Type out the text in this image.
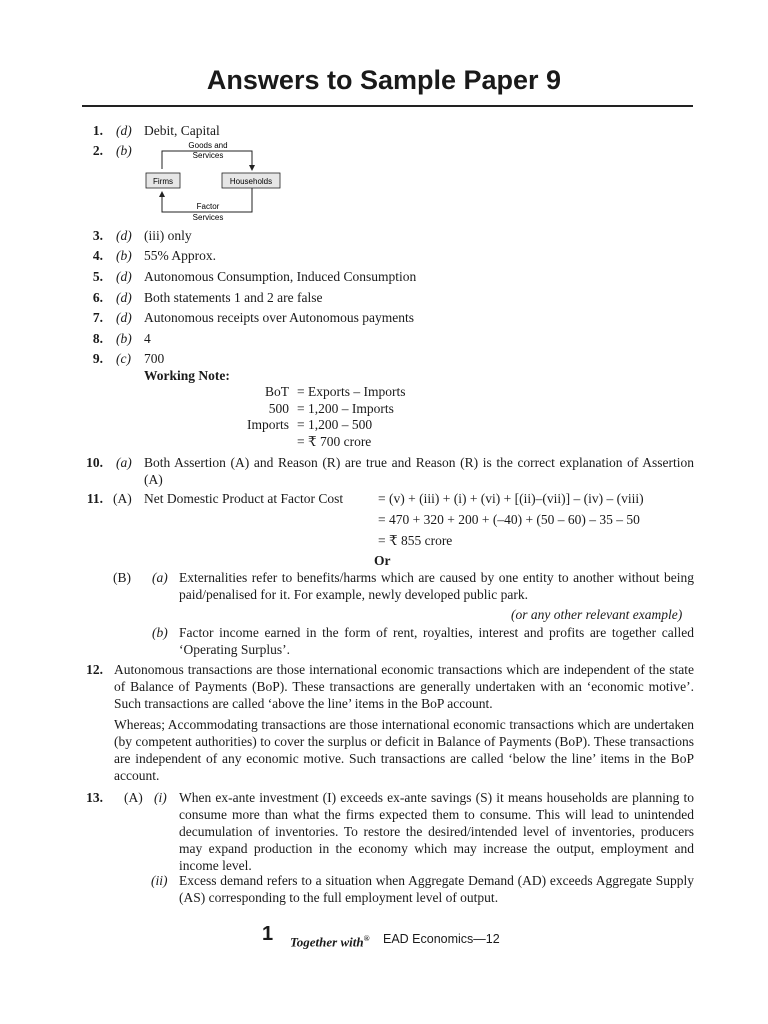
Answers to Sample Paper 9
1. (d) Debit, Capital
2. (b)	Goods and
Services
Firms	Households
Factor
Services
3. (d) (iii) only
4. (b) 55% Approx.
5. (d) Autonomous Consumption, Induced Consumption
6. (d) Both statements 1 and 2 are false
7. (d) Autonomous receipts over Autonomous payments
8. (b) 4
9. (c) 700
Working Note:
BoT = Exports – Imports
500 = 1,200 – Imports
Imports = 1,200 – 500
= ₹ 700 crore
10. (a) Both Assertion (A) and Reason (R) are true and Reason (R) is the correct explanation of Assertion (A)
11. (A) Net Domestic Product at Factor Cost	= (v) + (iii) + (i) + (vi) + [(ii)–(vii)] – (iv) – (viii)
= 470 + 320 + 200 + (–40) + (50 – 60) – 35 – 50
= ₹ 855 crore
Or
(B) (a) Externalities refer to benefits/harms which are caused by one entity to another without being paid/penalised for it. For example, newly developed public park.
(or any other relevant example)
(b) Factor income earned in the form of rent, royalties, interest and profits are together called ‘Operating Surplus’.
12. Autonomous transactions are those international economic transactions which are independent of the state of Balance of Payments (BoP). These transactions are generally undertaken with an ‘economic motive’. Such transactions are called ‘above the line’ items in the BoP account.
Whereas; Accommodating transactions are those international economic transactions which are undertaken (by competent authorities) to cover the surplus or deficit in Balance of Payments (BoP). These transactions are independent of any economic motive. Such transactions are called ‘below the line’ items in the BoP account.
13. (A) (i) When ex-ante investment (I) exceeds ex-ante savings (S) it means households are planning to consume more than what the firms expected them to consume. This will lead to unintended decumulation of inventories. To restore the desired/intended level of inventories, producers may expand production in the economy which may increase the output, employment and income level.
(ii) Excess demand refers to a situation when Aggregate Demand (AD) exceeds Aggregate Supply (AS) corresponding to the full employment level of output.
1 Together with® EAD Economics—12
